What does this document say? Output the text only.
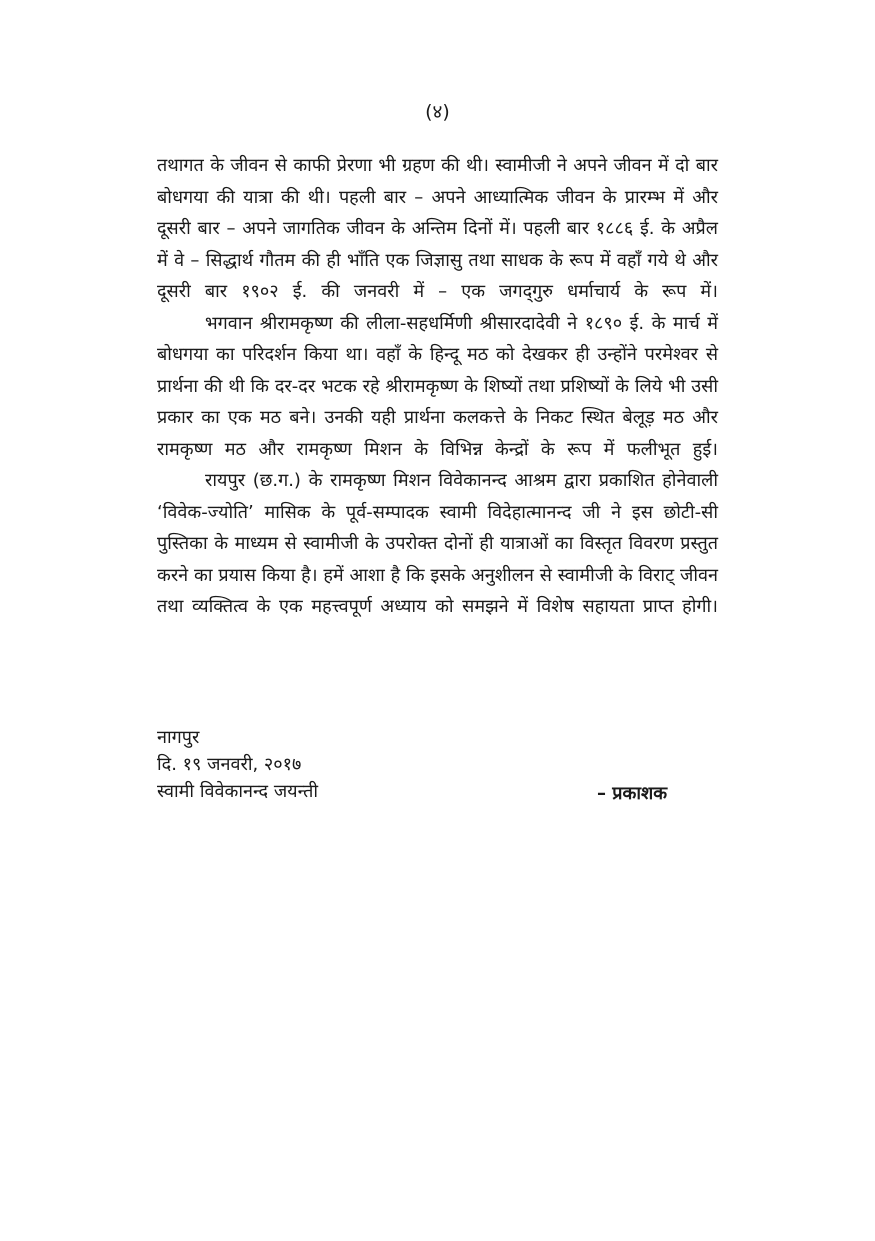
(४)

तथागत के जीवन से काफी प्रेरणा भी ग्रहण की थी। स्वामीजी ने अपने जीवन में दो बार बोधगया की यात्रा की थी। पहली बार – अपने आध्यात्मिक जीवन के प्रारम्भ में और दूसरी बार – अपने जागतिक जीवन के अन्तिम दिनों में। पहली बार १८८६ ई. के अप्रैल में वे – सिद्धार्थ गौतम की ही भाँति एक जिज्ञासु तथा साधक के रूप में वहाँ गये थे और दूसरी बार १९०२ ई. की जनवरी में – एक जगद्‌गुरु धर्माचार्य के रूप में।

भगवान श्रीरामकृष्ण की लीला-सहधर्मिणी श्रीसारदादेवी ने १८९० ई. के मार्च में बोधगया का परिदर्शन किया था। वहाँ के हिन्दू मठ को देखकर ही उन्होंने परमेश्वर से प्रार्थना की थी कि दर-दर भटक रहे श्रीरामकृष्ण के शिष्यों तथा प्रशिष्यों के लिये भी उसी प्रकार का एक मठ बने। उनकी यही प्रार्थना कलकत्ते के निकट स्थित बेलूड़ मठ और रामकृष्ण मठ और रामकृष्ण मिशन के विभिन्न केन्द्रों के रूप में फलीभूत हुई।

रायपुर (छ.ग.) के रामकृष्ण मिशन विवेकानन्द आश्रम द्वारा प्रकाशित होनेवाली ‘विवेक-ज्योति’ मासिक के पूर्व-सम्पादक स्वामी विदेहात्मानन्द जी ने इस छोटी-सी पुस्तिका के माध्यम से स्वामीजी के उपरोक्त दोनों ही यात्राओं का विस्तृत विवरण प्रस्तुत करने का प्रयास किया है। हमें आशा है कि इसके अनुशीलन से स्वामीजी के विराट् जीवन तथा व्यक्तित्व के एक महत्त्वपूर्ण अध्याय को समझने में विशेष सहायता प्राप्त होगी।

नागपुर
दि. १९ जनवरी, २०१७
स्वामी विवेकानन्द जयन्ती	– प्रकाशक
